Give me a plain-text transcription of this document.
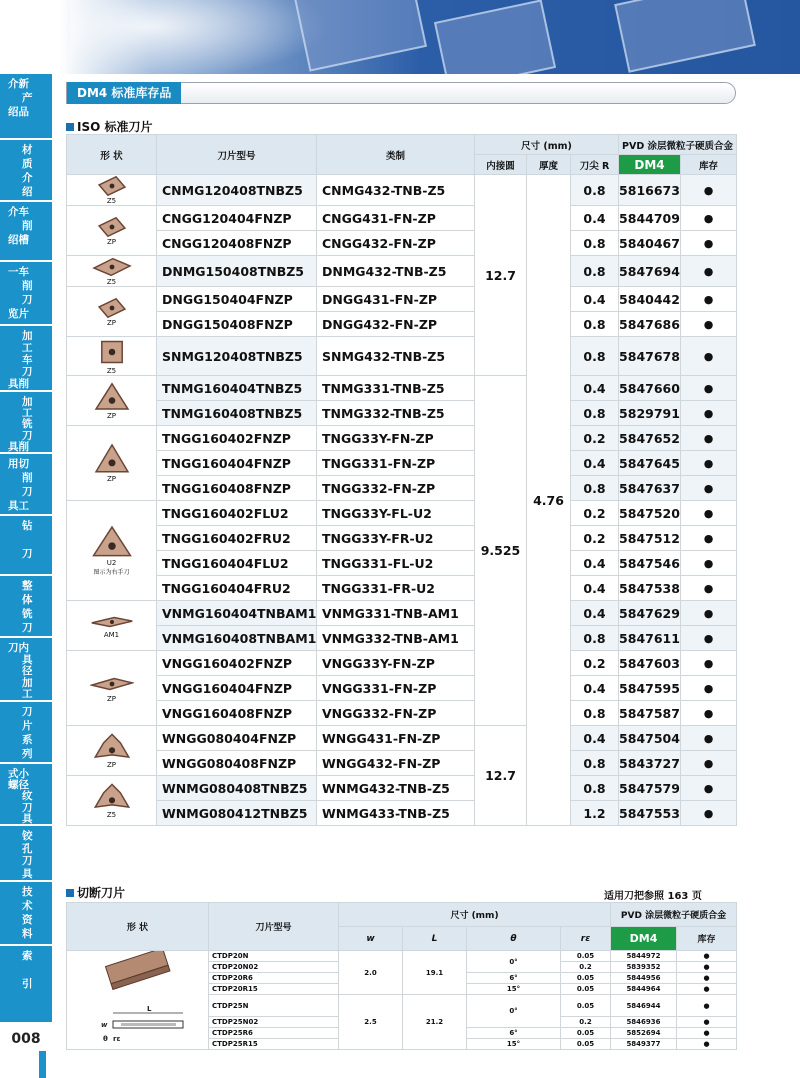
介新
产
绍品
材
质
介
绍
介车
削
绍槽
一车
削
刀
览片
加
工
车
刀
具削
加
工
铣
刀
具削
用切
削
刀
具工
钻
刀
整
体
铣
刀
刀内
具
径
加
工
刀
片
系
列
式小
螺径
纹
刀
具
铰
孔
刀
具
技
术
资
料
索
引
008
DM4 标准库存品
ISO 标准刀片
形 状	刀片型号	类制	尺寸 (mm)			PVD 涂层微粒子硬质合金	
			内接圆	厚度	刀尖 R	DM4	库存

Z5	CNMG120408TNBZ5	CNMG432-TNB-Z5	12.7	4.76	0.8	5816673	●

ZP	CNGG120404FNZP	CNGG431-FN-ZP			0.4	5844709	●
	CNGG120408FNZP	CNGG432-FN-ZP			0.8	5840467	●

Z5	DNMG150408TNBZ5	DNMG432-TNB-Z5			0.8	5847694	●

ZP	DNGG150404FNZP	DNGG431-FN-ZP			0.4	5840442	●
	DNGG150408FNZP	DNGG432-FN-ZP			0.8	5847686	●

Z5	SNMG120408TNBZ5	SNMG432-TNB-Z5			0.8	5847678	●

ZP	TNMG160404TNBZ5	TNMG331-TNB-Z5	9.525		0.4	5847660	●
	TNMG160408TNBZ5	TNMG332-TNB-Z5			0.8	5829791	●

ZP	TNGG160402FNZP	TNGG33Y-FN-ZP			0.2	5847652	●
	TNGG160404FNZP	TNGG331-FN-ZP			0.4	5847645	●
	TNGG160408FNZP	TNGG332-FN-ZP			0.8	5847637	●

U2
图示为右手刀	TNGG160402FLU2	TNGG33Y-FL-U2			0.2	5847520	●
	TNGG160402FRU2	TNGG33Y-FR-U2			0.2	5847512	●
	TNGG160404FLU2	TNGG331-FL-U2			0.4	5847546	●
	TNGG160404FRU2	TNGG331-FR-U2			0.4	5847538	●

AM1	VNMG160404TNBAM1	VNMG331-TNB-AM1			0.4	5847629	●
	VNMG160408TNBAM1	VNMG332-TNB-AM1			0.8	5847611	●

ZP	VNGG160402FNZP	VNGG33Y-FN-ZP			0.2	5847603	●
	VNGG160404FNZP	VNGG331-FN-ZP			0.4	5847595	●
	VNGG160408FNZP	VNGG332-FN-ZP			0.8	5847587	●

ZP	WNGG080404FNZP	WNGG431-FN-ZP	12.7		0.4	5847504	●
	WNGG080408FNZP	WNGG432-FN-ZP			0.8	5843727	●

Z5	WNMG080408TNBZ5	WNMG432-TNB-Z5			0.8	5847579	●
	WNMG080412TNBZ5	WNMG433-TNB-Z5			1.2	5847553	●
切断刀片	适用刀把参照 163 页
形 状	刀片型号	尺寸 (mm)				PVD 涂层微粒子硬质合金	
		w	L	θ	rε	DM4	库存

L
w
θ rε	CTDP20N	2.0	19.1	0°	0.05	5844972	●
	CTDP20N02				0.2	5839352	●
	CTDP20R6			6°	0.05	5844956	●
	CTDP20R15			15°	0.05	5844964	●
	CTDP25N	2.5	21.2	0°	0.05	5846944	●
	CTDP25N02				0.2	5846936	●
	CTDP25R6			6°	0.05	5852694	●
	CTDP25R15			15°	0.05	5849377	●
